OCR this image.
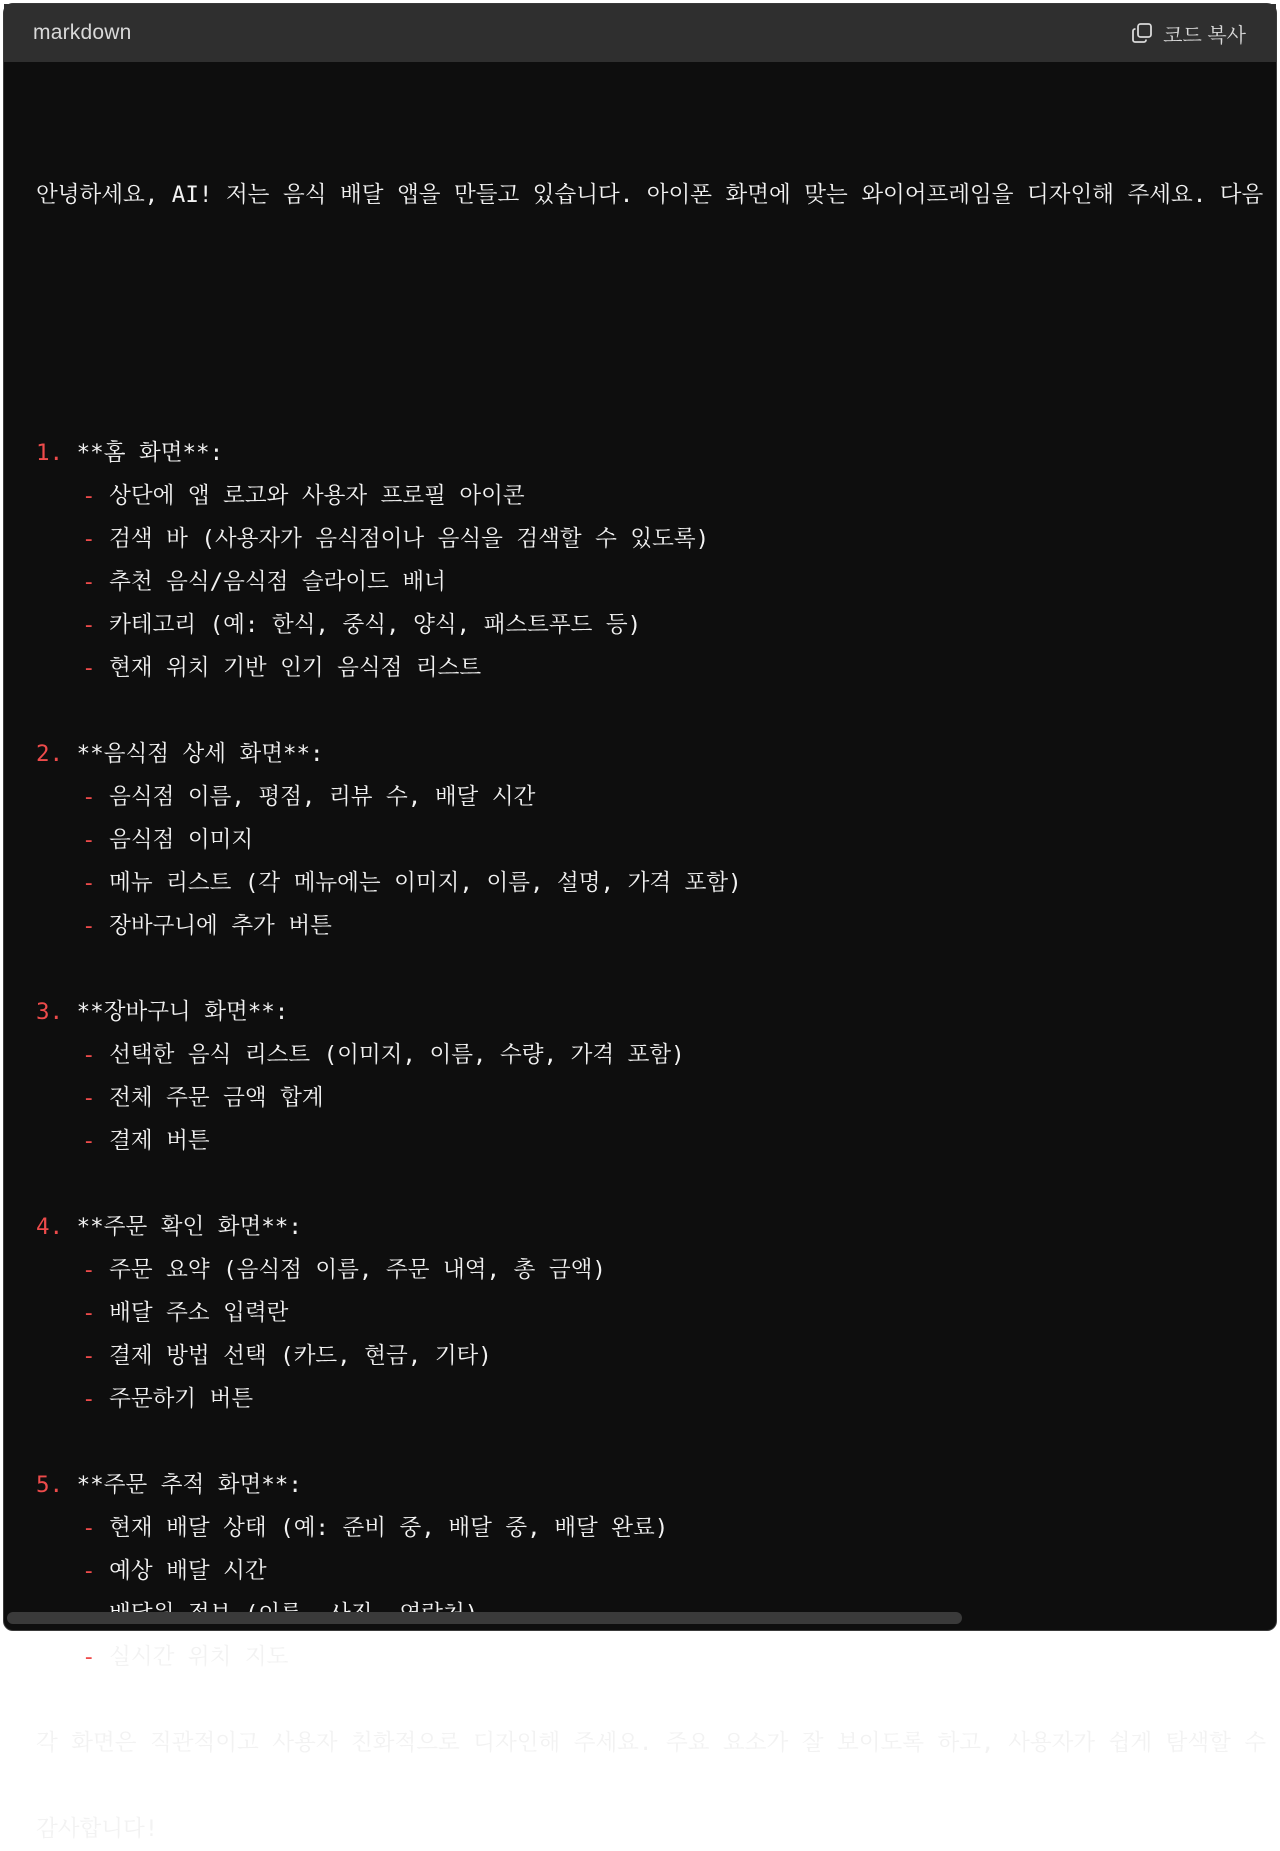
markdown	코드 복사

안녕하세요, AI! 저는 음식 배달 앱을 만들고 있습니다. 아이폰 화면에 맞는 와이어프레임을 디자인해 주세요. 다음

1. **홈 화면**:
- 상단에 앱 로고와 사용자 프로필 아이콘
- 검색 바 (사용자가 음식점이나 음식을 검색할 수 있도록)
- 추천 음식/음식점 슬라이드 배너
- 카테고리 (예: 한식, 중식, 양식, 패스트푸드 등)
- 현재 위치 기반 인기 음식점 리스트
2. **음식점 상세 화면**:
- 음식점 이름, 평점, 리뷰 수, 배달 시간
- 음식점 이미지
- 메뉴 리스트 (각 메뉴에는 이미지, 이름, 설명, 가격 포함)
- 장바구니에 추가 버튼
3. **장바구니 화면**:
- 선택한 음식 리스트 (이미지, 이름, 수량, 가격 포함)
- 전체 주문 금액 합계
- 결제 버튼
4. **주문 확인 화면**:
- 주문 요약 (음식점 이름, 주문 내역, 총 금액)
- 배달 주소 입력란
- 결제 방법 선택 (카드, 현금, 기타)
- 주문하기 버튼
5. **주문 추적 화면**:
- 현재 배달 상태 (예: 준비 중, 배달 중, 배달 완료)
- 예상 배달 시간
- 실시간 위치 지도
각 화면은 직관적이고 사용자 친화적으로 디자인해 주세요. 주요 요소가 잘 보이도록 하고, 사용자가 쉽게 탐색할 수
감사합니다!
